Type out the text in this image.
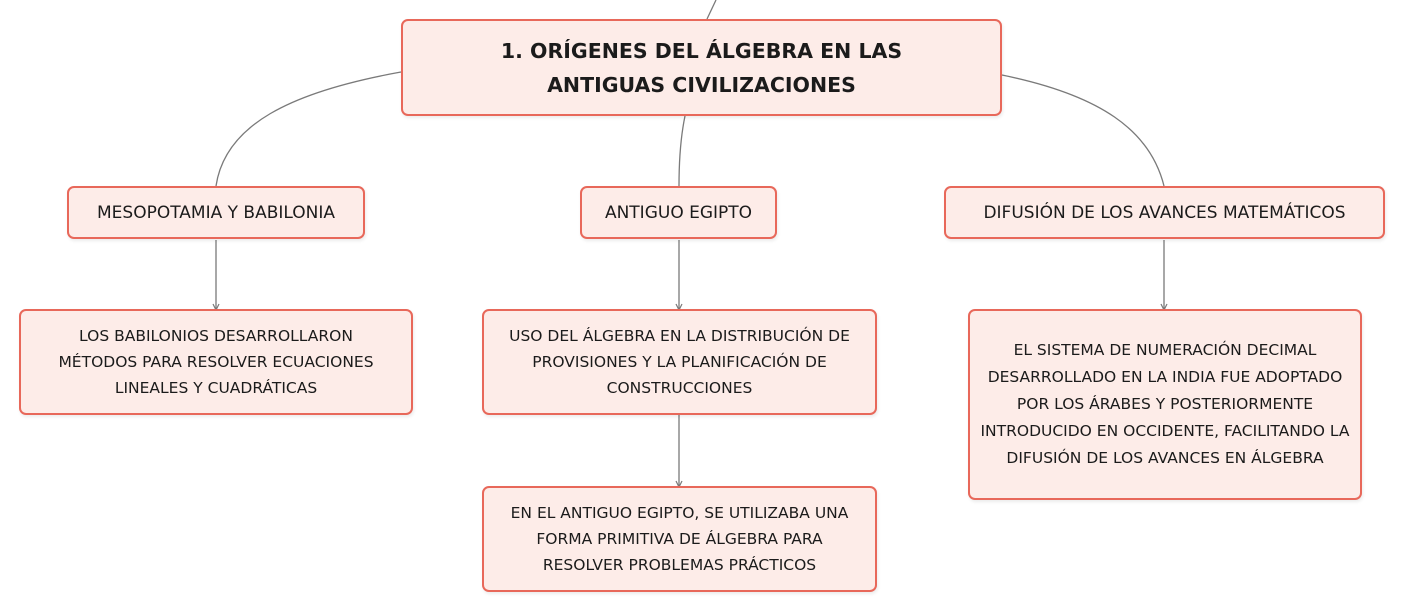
1. ORÍGENES DEL ÁLGEBRA EN LAS ANTIGUAS CIVILIZACIONES
MESOPOTAMIA Y BABILONIA	ANTIGUO EGIPTO	DIFUSIÓN DE LOS AVANCES MATEMÁTICOS
LOS BABILONIOS DESARROLLARON MÉTODOS PARA RESOLVER ECUACIONES LINEALES Y CUADRÁTICAS
USO DEL ÁLGEBRA EN LA DISTRIBUCIÓN DE PROVISIONES Y LA PLANIFICACIÓN DE CONSTRUCCIONES
EN EL ANTIGUO EGIPTO, SE UTILIZABA UNA FORMA PRIMITIVA DE ÁLGEBRA PARA RESOLVER PROBLEMAS PRÁCTICOS
EL SISTEMA DE NUMERACIÓN DECIMAL DESARROLLADO EN LA INDIA FUE ADOPTADO POR LOS ÁRABES Y POSTERIORMENTE INTRODUCIDO EN OCCIDENTE, FACILITANDO LA DIFUSIÓN DE LOS AVANCES EN ÁLGEBRA
